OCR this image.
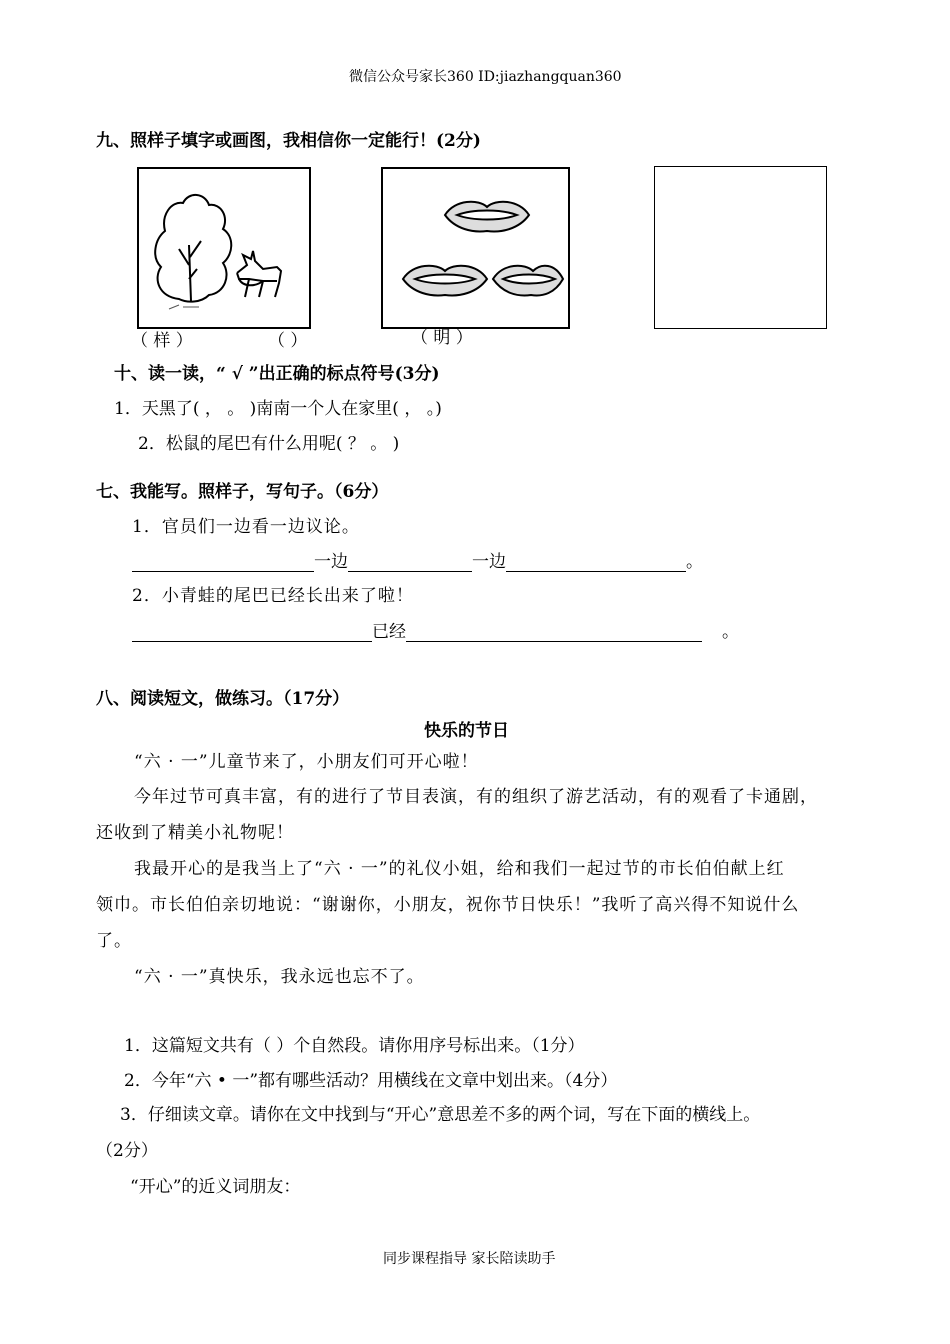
微信公众号家长360 ID:jiazhangquan360
九、照样子填字或画图，我相信你一定能行！(2分)
（ 样 ）	（ ）	（ 明 ）
十、读一读，“ √ ”出正确的标点符号(3分)
1．天黑了( ， 。 )南南一个人在家里( ， 。)
2．松鼠的尾巴有什么用呢( ？ 。 )
七、我能写。照样子，写句子。（6分）
1．官员们一边看一边议论。
一边	一边	。
2．小青蛙的尾巴已经长出来了啦！
已经	。
八、阅读短文，做练习。（17分）
快乐的节日
“六 · 一”儿童节来了，小朋友们可开心啦！
今年过节可真丰富，有的进行了节目表演，有的组织了游艺活动，有的观看了卡通剧，
还收到了精美小礼物呢！
我最开心的是我当上了“六 · 一”的礼仪小姐，给和我们一起过节的市长伯伯献上红
领巾。市长伯伯亲切地说：“谢谢你，小朋友，祝你节日快乐！”我听了高兴得不知说什么
了。
“六 · 一”真快乐，我永远也忘不了。
1．这篇短文共有（ ）个自然段。请你用序号标出来。（1分）
2．今年“六 • 一”都有哪些活动？用横线在文章中划出来。（4分）
3．仔细读文章。请你在文中找到与“开心”意思差不多的两个词，写在下面的横线上。
（2分）
“开心”的近义词朋友：
同步课程指导 家长陪读助手
